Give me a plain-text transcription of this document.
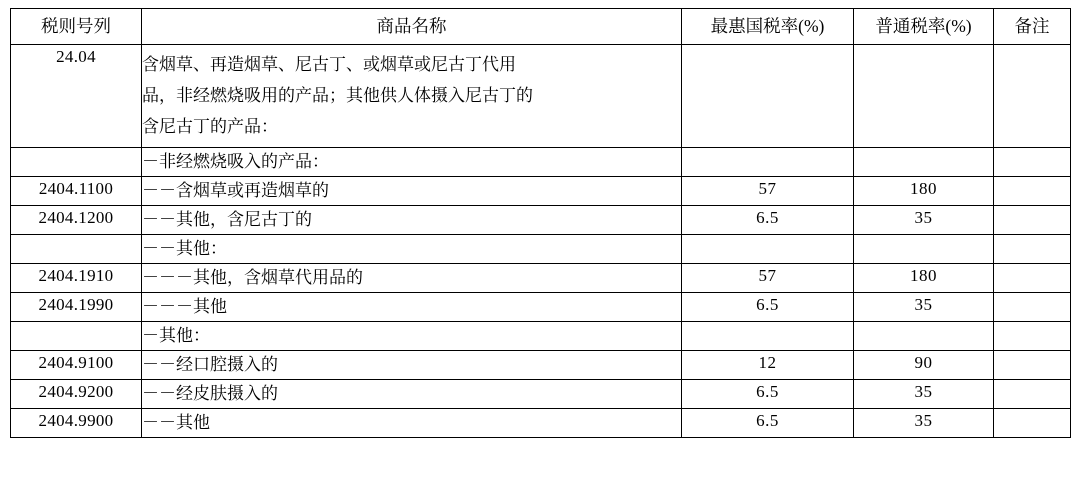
税则号列	商品名称	最惠国税率(%)	普通税率(%)	备注
24.04	含烟草、再造烟草、尼古丁、或烟草或尼古丁代用
品，非经燃烧吸用的产品；其他供人体摄入尼古丁的
含尼古丁的产品：			

	－非经燃烧吸入的产品：			

2404.1100	－－含烟草或再造烟草的	57	180	
2404.1200	－－其他，含尼古丁的	6.5	35	

	－－其他：			

2404.1910	－－－其他，含烟草代用品的	57	180	
2404.1990	－－－其他	6.5	35	

	－其他：			

2404.9100	－－经口腔摄入的	12	90	
2404.9200	－－经皮肤摄入的	6.5	35	
2404.9900	－－其他	6.5	35	
